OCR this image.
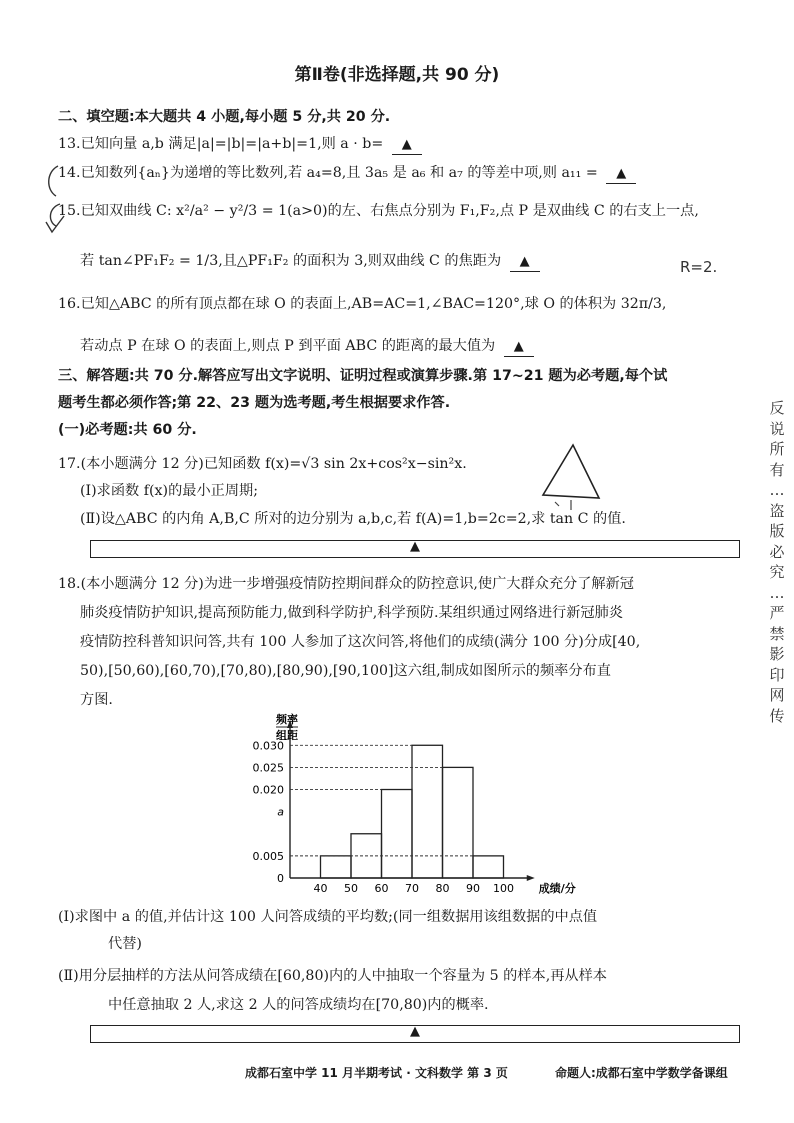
第Ⅱ卷(非选择题,共 90 分)
二、填空题:本大题共 4 小题,每小题 5 分,共 20 分.
13.已知向量 a,b 满足|a|=|b|=|a+b|=1,则 a · b= ▲
14.已知数列{aₙ}为递增的等比数列,若 a₄=8,且 3a₅ 是 a₆ 和 a₇ 的等差中项,则 a₁₁ = ▲
15.已知双曲线 C: x²/a² − y²/3 = 1(a>0)的左、右焦点分别为 F₁,F₂,点 P 是双曲线 C 的右支上一点,
若 tan∠PF₁F₂ = 1/3,且△PF₁F₂ 的面积为 3,则双曲线 C 的焦距为 ▲
16.已知△ABC 的所有顶点都在球 O 的表面上,AB=AC=1,∠BAC=120°,球 O 的体积为 32π/3,
若动点 P 在球 O 的表面上,则点 P 到平面 ABC 的距离的最大值为 ▲
三、解答题:共 70 分.解答应写出文字说明、证明过程或演算步骤.第 17~21 题为必考题,每个试
题考生都必须作答;第 22、23 题为选考题,考生根据要求作答.
(一)必考题:共 60 分.
17.(本小题满分 12 分)已知函数 f(x)=√3 sin 2x+cos²x−sin²x.
(Ⅰ)求函数 f(x)的最小正周期;
(Ⅱ)设△ABC 的内角 A,B,C 所对的边分别为 a,b,c,若 f(A)=1,b=2c=2,求 tan C 的值.
▲
18.(本小题满分 12 分)为进一步增强疫情防控期间群众的防控意识,使广大群众充分了解新冠
肺炎疫情防护知识,提高预防能力,做到科学防护,科学预防.某组织通过网络进行新冠肺炎
疫情防控科普知识问答,共有 100 人参加了这次问答,将他们的成绩(满分 100 分)分成[40,
50),[50,60),[60,70),[70,80),[80,90),[90,100]这六组,制成如图所示的频率分布直
方图.
频率
组距
0.030
0.025
0.020
a
0.005
0
40 50 60 70 80 90 100 成绩/分
(Ⅰ)求图中 a 的值,并估计这 100 人问答成绩的平均数;(同一组数据用该组数据的中点值
代替)
(Ⅱ)用分层抽样的方法从问答成绩在[60,80)内的人中抽取一个容量为 5 的样本,再从样本
中任意抽取 2 人,求这 2 人的问答成绩均在[70,80)内的概率.
▲
成都石室中学 11 月半期考试 · 文科数学 第 3 页	命题人:成都石室中学数学备课组
反
说
所
有
…
盗
版
必
究
…
严
禁
影
印
网
传
R=2.
